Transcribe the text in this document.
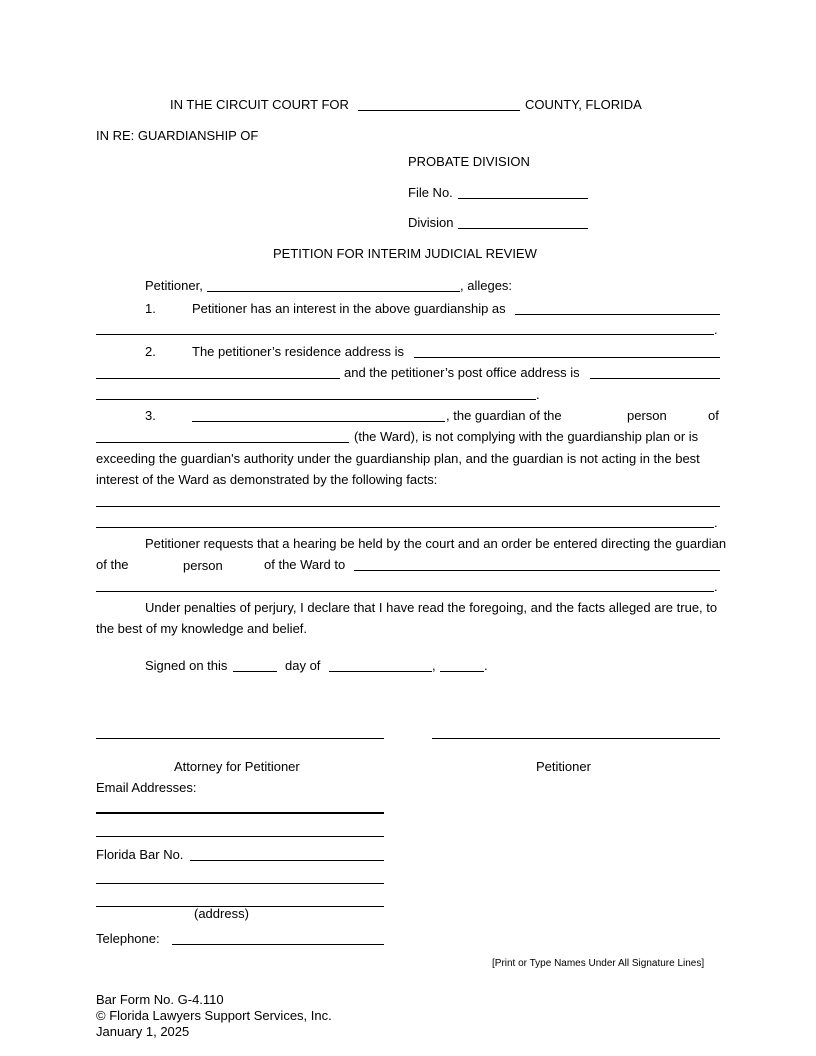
IN THE CIRCUIT COURT FOR	COUNTY, FLORIDA
IN RE: GUARDIANSHIP OF
PROBATE DIVISION
File No.
Division
PETITION FOR INTERIM JUDICIAL REVIEW
Petitioner,	, alleges:
1.	Petitioner has an interest in the above guardianship as
.
2.	The petitioner’s residence address is
and the petitioner’s post office address is
.
3.	, the guardian of the	person	of
(the Ward), is not complying with the guardianship plan or is
exceeding the guardian's authority under the guardianship plan, and the guardian is not acting in the best
interest of the Ward as demonstrated by the following facts:
.
Petitioner requests that a hearing be held by the court and an order be entered directing the guardian
of the	person	of the Ward to
.
Under penalties of perjury, I declare that I have read the foregoing, and the facts alleged are true, to
the best of my knowledge and belief.
Signed on this	day of	,	.
Attorney for Petitioner	Petitioner
Email Addresses:
Florida Bar No.
(address)
Telephone:
[Print or Type Names Under All Signature Lines]
Bar Form No. G-4.110
© Florida Lawyers Support Services, Inc.
January 1, 2025
